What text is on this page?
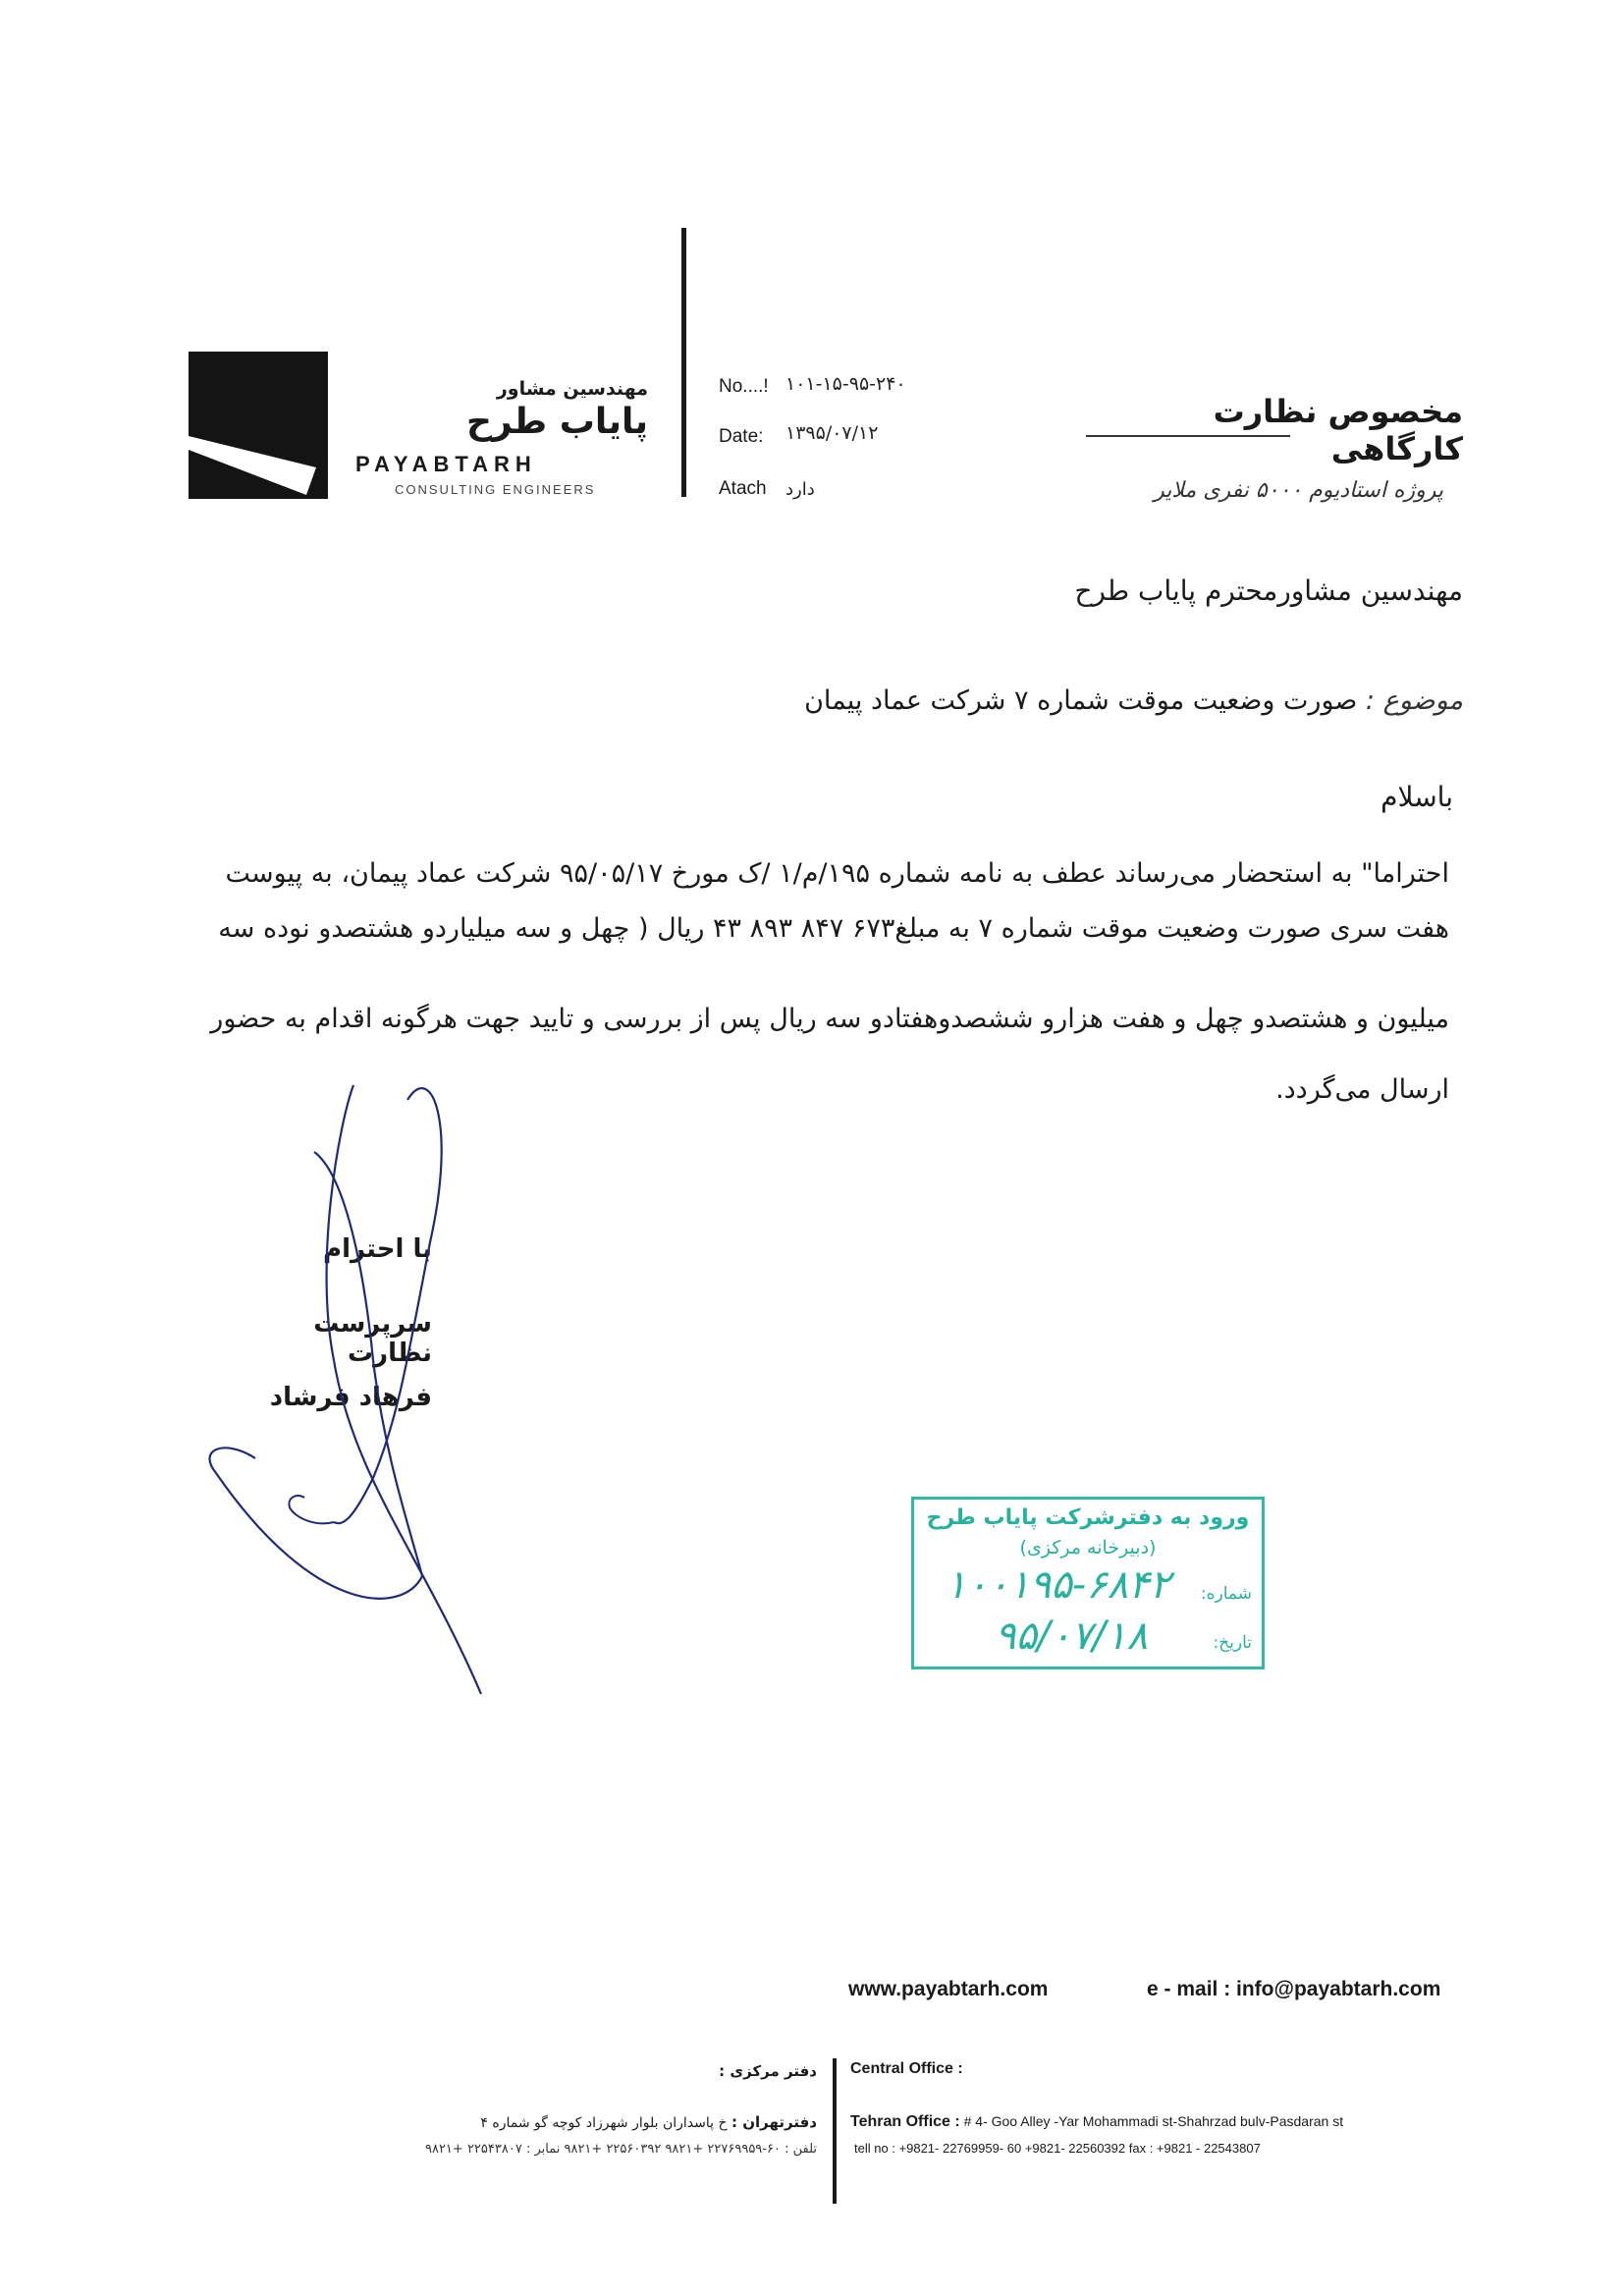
مهندسین مشاور
پایاب طرح
PAYABTARH
CONSULTING ENGINEERS
No....! ۱۰۱-۱۵-۹۵-۲۴۰
Date: ۱۳۹۵/۰۷/۱۲
Atach دارد
مخصوص نظارت کارگاهی
پروژه استادیوم ۵۰۰۰ نفری ملایر
مهندسین مشاورمحترم پایاب طرح
موضوع : صورت وضعیت موقت شماره ۷ شرکت عماد پیمان
باسلام
احتراما" به استحضار می‌رساند عطف به نامه شماره ۱۹۵/م/۱ /ک مورخ ۹۵/۰۵/۱۷ شرکت عماد پیمان، به پیوست
هفت سری صورت وضعیت موقت شماره ۷ به مبلغ۶۷۳ ۸۴۷ ۸۹۳ ۴۳ ریال ( چهل و سه میلیاردو هشتصدو نوده سه
میلیون و هشتصدو چهل و هفت هزارو ششصدوهفتادو سه ریال پس از بررسی و تایید جهت هرگونه اقدام به حضور
ارسال می‌گردد.
با احترام
سرپرست نظارت
فرهاد فرشاد
ورود به دفترشرکت پایاب طرح
(دبیرخانه مرکزی)
شماره:
۱۰۰۱۹۵-۶۸۴۲
تاریخ:
۹۵/۰۷/۱۸
www.payabtarh.com	e - mail : info@payabtarh.com
Central Office :
دفتر مرکزی :
Tehran Office : # 4- Goo Alley -Yar Mohammadi st-Shahrzad bulv-Pasdaran st
tell no : +9821- 22769959- 60 +9821- 22560392 fax : +9821 - 22543807
دفترتهران : خ پاسداران بلوار شهرزاد کوچه گو شماره ۴
تلفن : ۶۰-۲۲۷۶۹۹۵۹ +۹۸۲۱ ۲۲۵۶۰۳۹۲ +۹۸۲۱ نمابر : ۲۲۵۴۳۸۰۷ +۹۸۲۱
